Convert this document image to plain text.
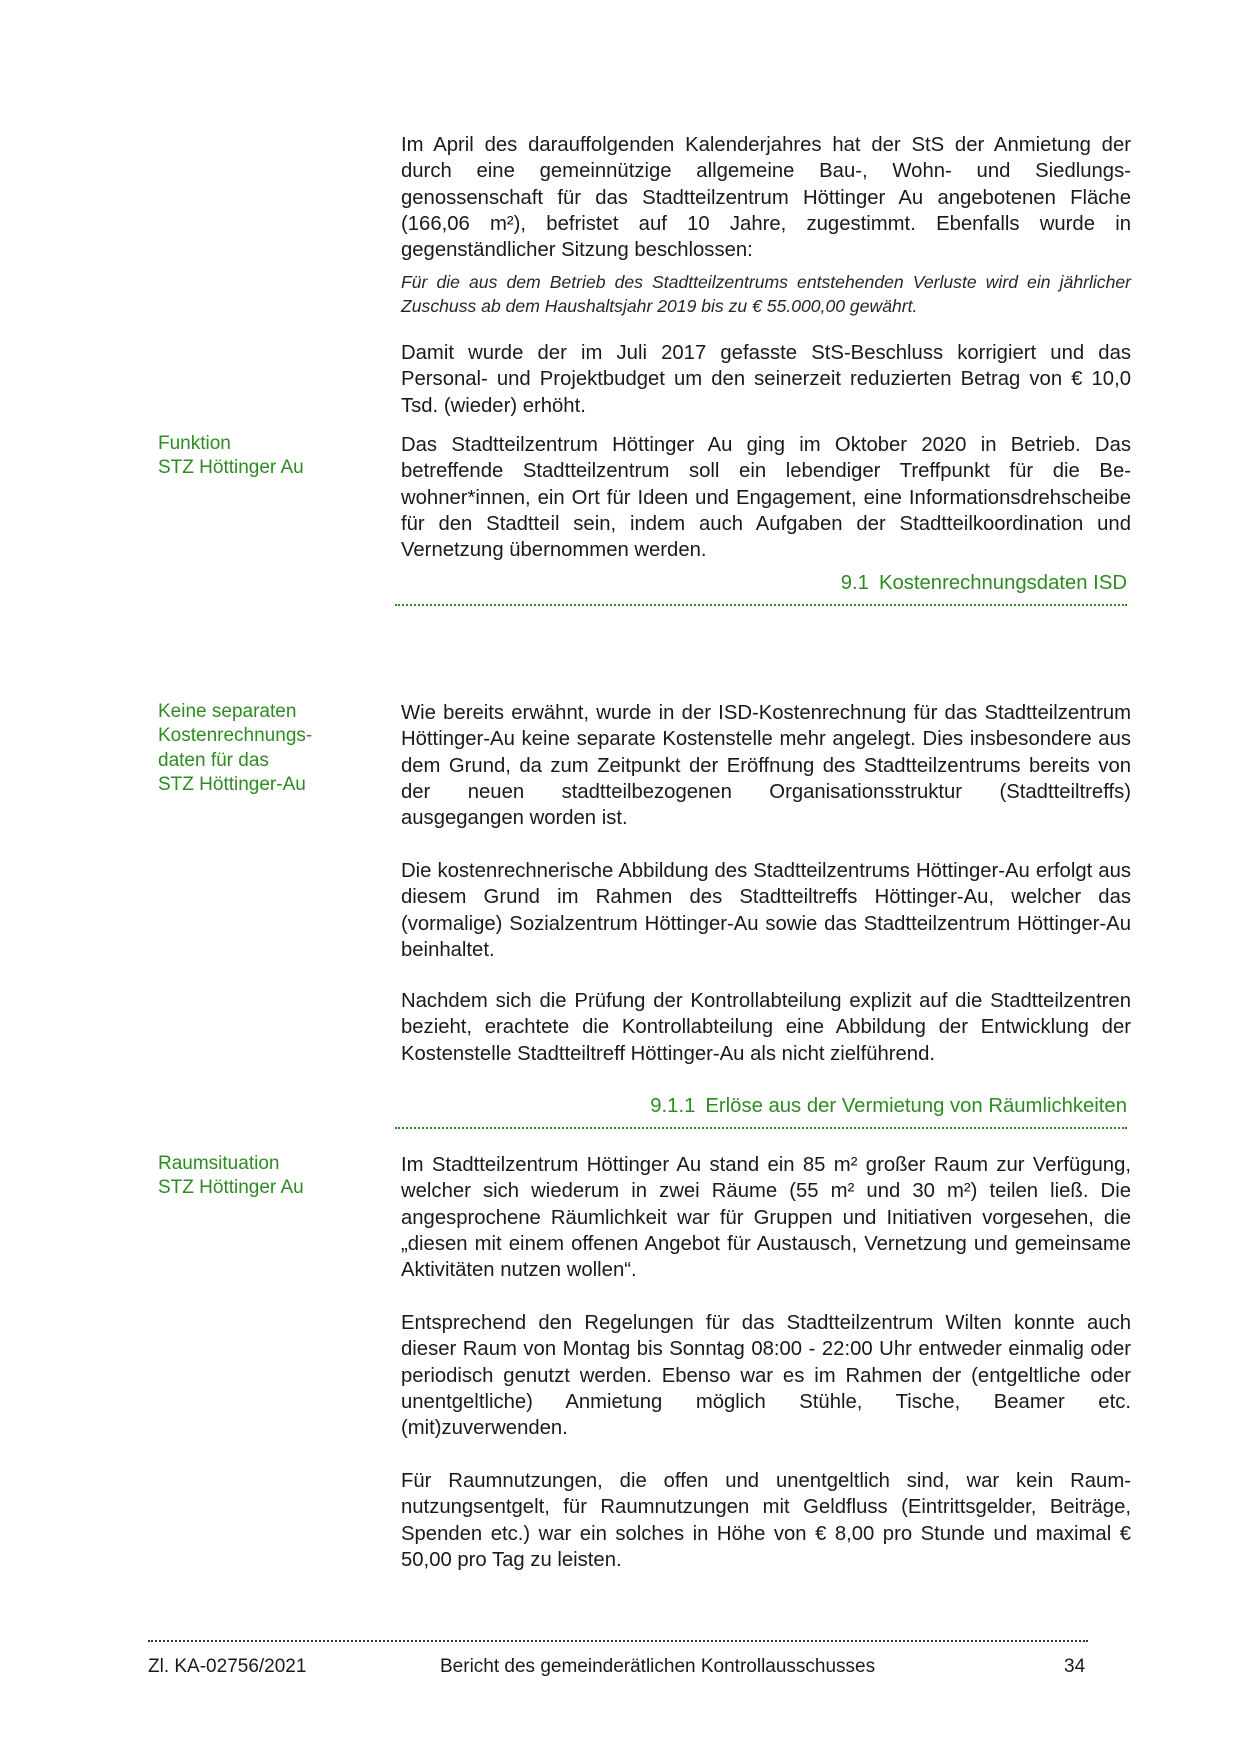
Im April des darauffolgenden Kalenderjahres hat der StS der Anmietung der durch eine gemeinnützige allgemeine Bau-, Wohn- und Siedlungsgenossenschaft für das Stadtteilzentrum Höttinger Au angebotenen Fläche (166,06 m²), befristet auf 10 Jahre, zugestimmt. Ebenfalls wurde in gegenständlicher Sitzung beschlossen:

Für die aus dem Betrieb des Stadtteilzentrums entstehenden Verluste wird ein jährlicher Zuschuss ab dem Haushaltsjahr 2019 bis zu € 55.000,00 gewährt.

Damit wurde der im Juli 2017 gefasste StS-Beschluss korrigiert und das Personal- und Projektbudget um den seinerzeit reduzierten Betrag von € 10,0 Tsd. (wieder) erhöht.

Funktion
STZ Höttinger Au

Das Stadtteilzentrum Höttinger Au ging im Oktober 2020 in Betrieb. Das betreffende Stadtteilzentrum soll ein lebendiger Treffpunkt für die Bewohner*innen, ein Ort für Ideen und Engagement, eine Informationsdrehscheibe für den Stadtteil sein, indem auch Aufgaben der Stadtteilkoordination und Vernetzung übernommen werden.

9.1 Kostenrechnungsdaten ISD
Keine separaten
Kostenrechnungs-
daten für das
STZ Höttinger-Au

Wie bereits erwähnt, wurde in der ISD-Kostenrechnung für das Stadtteilzentrum Höttinger-Au keine separate Kostenstelle mehr angelegt. Dies insbesondere aus dem Grund, da zum Zeitpunkt der Eröffnung des Stadtteilzentrums bereits von der neuen stadtteilbezogenen Organisationsstruktur (Stadtteiltreffs) ausgegangen worden ist.

Die kostenrechnerische Abbildung des Stadtteilzentrums Höttinger-Au erfolgt aus diesem Grund im Rahmen des Stadtteiltreffs Höttinger-Au, welcher das (vormalige) Sozialzentrum Höttinger-Au sowie das Stadtteilzentrum Höttinger-Au beinhaltet.

Nachdem sich die Prüfung der Kontrollabteilung explizit auf die Stadtteilzentren bezieht, erachtete die Kontrollabteilung eine Abbildung der Entwicklung der Kostenstelle Stadtteiltreff Höttinger-Au als nicht zielführend.

9.1.1 Erlöse aus der Vermietung von Räumlichkeiten
Raumsituation
STZ Höttinger Au

Im Stadtteilzentrum Höttinger Au stand ein 85 m² großer Raum zur Verfügung, welcher sich wiederum in zwei Räume (55 m² und 30 m²) teilen ließ. Die angesprochene Räumlichkeit war für Gruppen und Initiativen vorgesehen, die „diesen mit einem offenen Angebot für Austausch, Vernetzung und gemeinsame Aktivitäten nutzen wollen“.

Entsprechend den Regelungen für das Stadtteilzentrum Wilten konnte auch dieser Raum von Montag bis Sonntag 08:00 - 22:00 Uhr entweder einmalig oder periodisch genutzt werden. Ebenso war es im Rahmen der (entgeltliche oder unentgeltliche) Anmietung möglich Stühle, Tische, Beamer etc. (mit)zuverwenden.

Für Raumnutzungen, die offen und unentgeltlich sind, war kein Raumnutzungsentgelt, für Raumnutzungen mit Geldfluss (Eintrittsgelder, Beiträge, Spenden etc.) war ein solches in Höhe von € 8,00 pro Stunde und maximal € 50,00 pro Tag zu leisten.

Zl. KA-02756/2021	Bericht des gemeinderätlichen Kontrollausschusses	34
